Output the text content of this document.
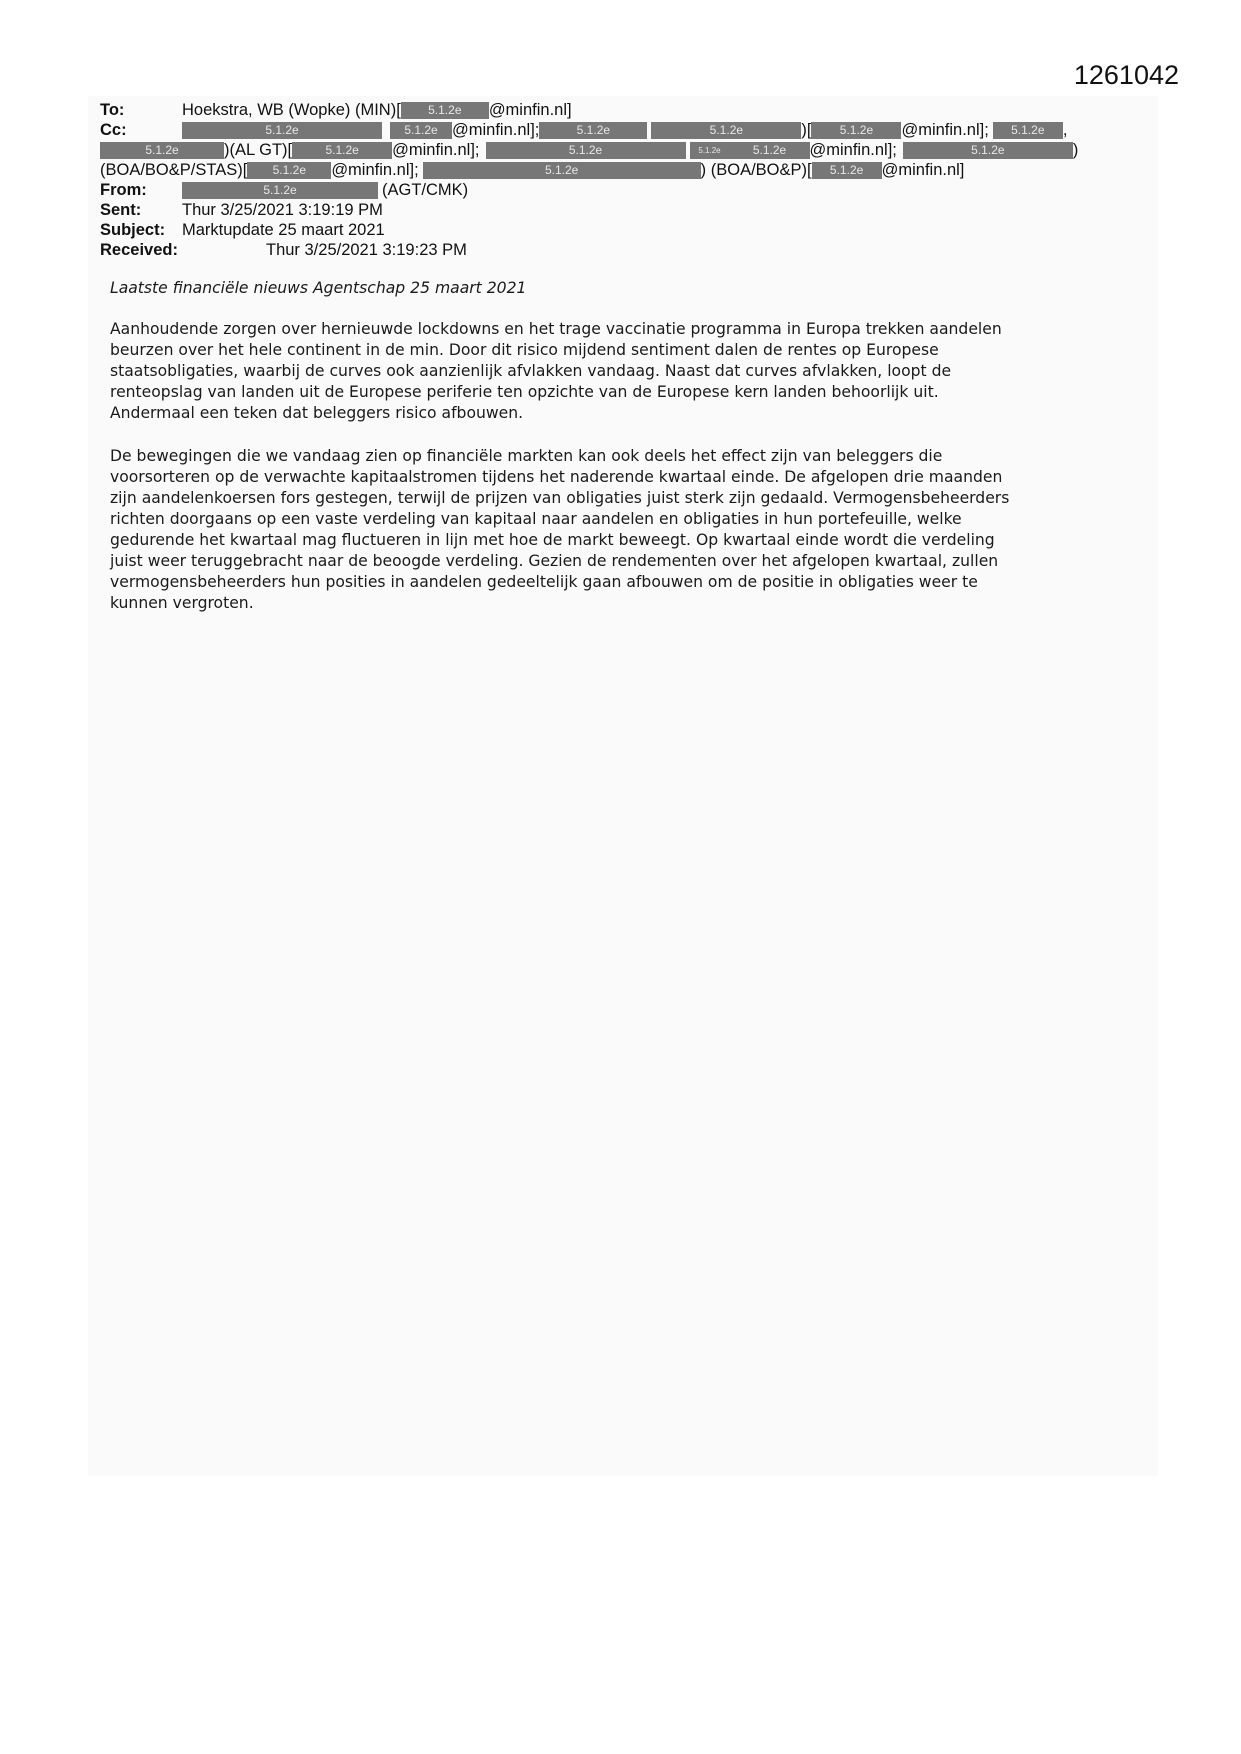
1261042
To:	Hoekstra, WB (Wopke) (MIN)[	5.1.2e	@minfin.nl]
Cc:	5.1.2e	5.1.2e @minfin.nl];	5.1.2e	5.1.2e	)[	5.1.2e	@minfin.nl];	5.1.2e	,
5.1.2e	)(AL GT)[	5.1.2e	@minfin.nl];	5.1.2e	5.1.2e	5.1.2e	@minfin.nl];	5.1.2e	)
(BOA/BO&P/STAS)[	5.1.2e	@minfin.nl];	5.1.2e	) (BOA/BO&P)[	5.1.2e	@minfin.nl]
From:	5.1.2e	(AGT/CMK)
Sent:	Thur 3/25/2021 3:19:19 PM
Subject:	Marktupdate 25 maart 2021
Received:	Thur 3/25/2021 3:19:23 PM
Laatste financiële nieuws Agentschap 25 maart 2021
Aanhoudende zorgen over hernieuwde lockdowns en het trage vaccinatie programma in Europa trekken aandelen
beurzen over het hele continent in de min. Door dit risico mijdend sentiment dalen de rentes op Europese
staatsobligaties, waarbij de curves ook aanzienlijk afvlakken vandaag. Naast dat curves afvlakken, loopt de
renteopslag van landen uit de Europese periferie ten opzichte van de Europese kern landen behoorlijk uit.
Andermaal een teken dat beleggers risico afbouwen.
De bewegingen die we vandaag zien op financiële markten kan ook deels het effect zijn van beleggers die
voorsorteren op de verwachte kapitaalstromen tijdens het naderende kwartaal einde. De afgelopen drie maanden
zijn aandelenkoersen fors gestegen, terwijl de prijzen van obligaties juist sterk zijn gedaald. Vermogensbeheerders
richten doorgaans op een vaste verdeling van kapitaal naar aandelen en obligaties in hun portefeuille, welke
gedurende het kwartaal mag fluctueren in lijn met hoe de markt beweegt. Op kwartaal einde wordt die verdeling
juist weer teruggebracht naar de beoogde verdeling. Gezien de rendementen over het afgelopen kwartaal, zullen
vermogensbeheerders hun posities in aandelen gedeeltelijk gaan afbouwen om de positie in obligaties weer te
kunnen vergroten.
